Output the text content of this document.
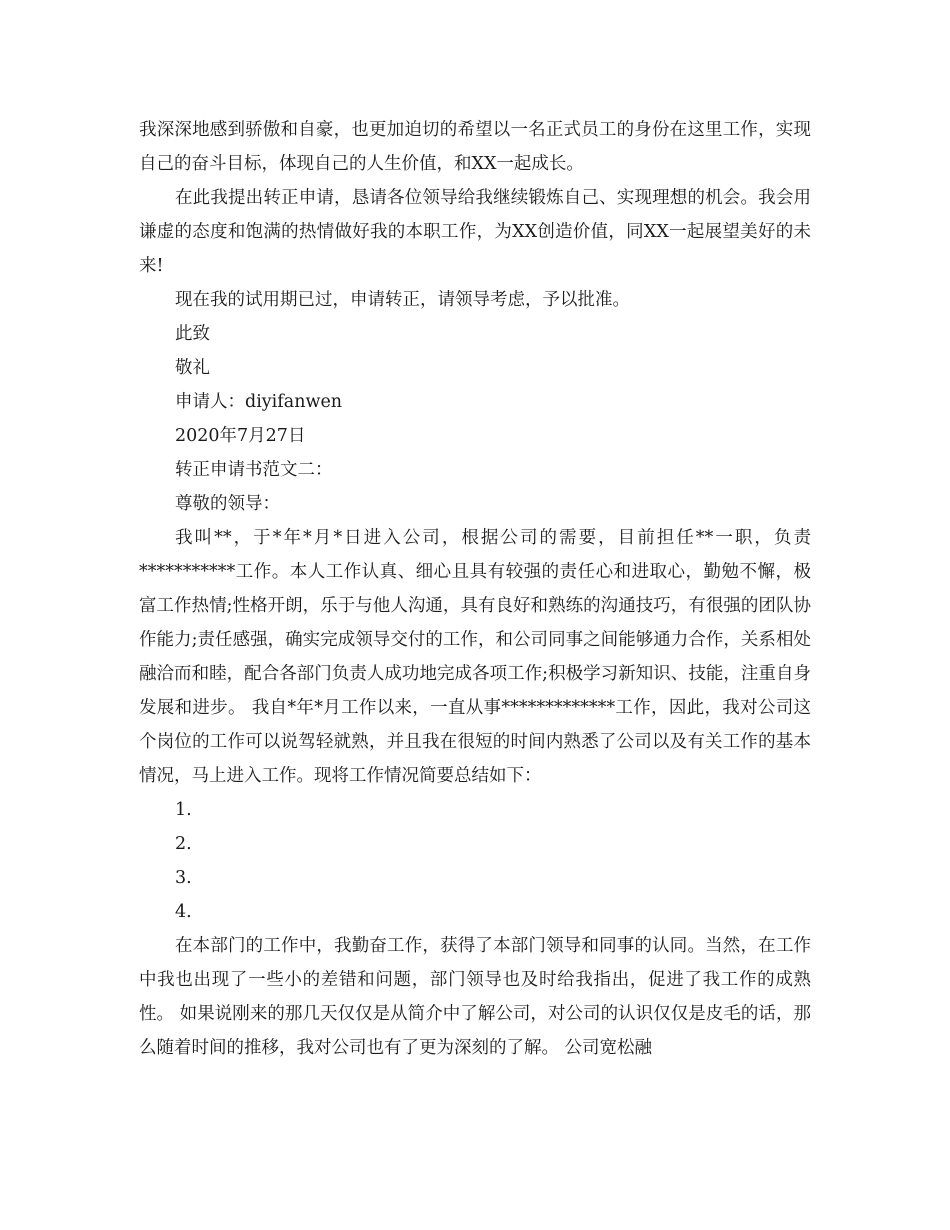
我深深地感到骄傲和自豪，也更加迫切的希望以一名正式员工的身份在这里工作，实现自己的奋斗目标，体现自己的人生价值，和XX一起成长。

在此我提出转正申请，恳请各位领导给我继续锻炼自己、实现理想的机会。我会用谦虚的态度和饱满的热情做好我的本职工作，为XX创造价值，同XX一起展望美好的未来!

现在我的试用期已过，申请转正，请领导考虑，予以批准。

此致

敬礼

申请人：diyifanwen

2020年7月27日

转正申请书范文二：

尊敬的领导：

我叫**，于*年*月*日进入公司，根据公司的需要，目前担任**一职，负责***********工作。本人工作认真、细心且具有较强的责任心和进取心，勤勉不懈，极富工作热情;性格开朗，乐于与他人沟通，具有良好和熟练的沟通技巧，有很强的团队协作能力;责任感强，确实完成领导交付的工作，和公司同事之间能够通力合作，关系相处融洽而和睦，配合各部门负责人成功地完成各项工作;积极学习新知识、技能，注重自身发展和进步。 我自*年*月工作以来，一直从事*************工作，因此，我对公司这个岗位的工作可以说驾轻就熟，并且我在很短的时间内熟悉了公司以及有关工作的基本情况，马上进入工作。现将工作情况简要总结如下：

1.

2.

3.

4.

在本部门的工作中，我勤奋工作，获得了本部门领导和同事的认同。当然，在工作中我也出现了一些小的差错和问题，部门领导也及时给我指出，促进了我工作的成熟性。 如果说刚来的那几天仅仅是从简介中了解公司，对公司的认识仅仅是皮毛的话，那么随着时间的推移，我对公司也有了更为深刻的了解。 公司宽松融
